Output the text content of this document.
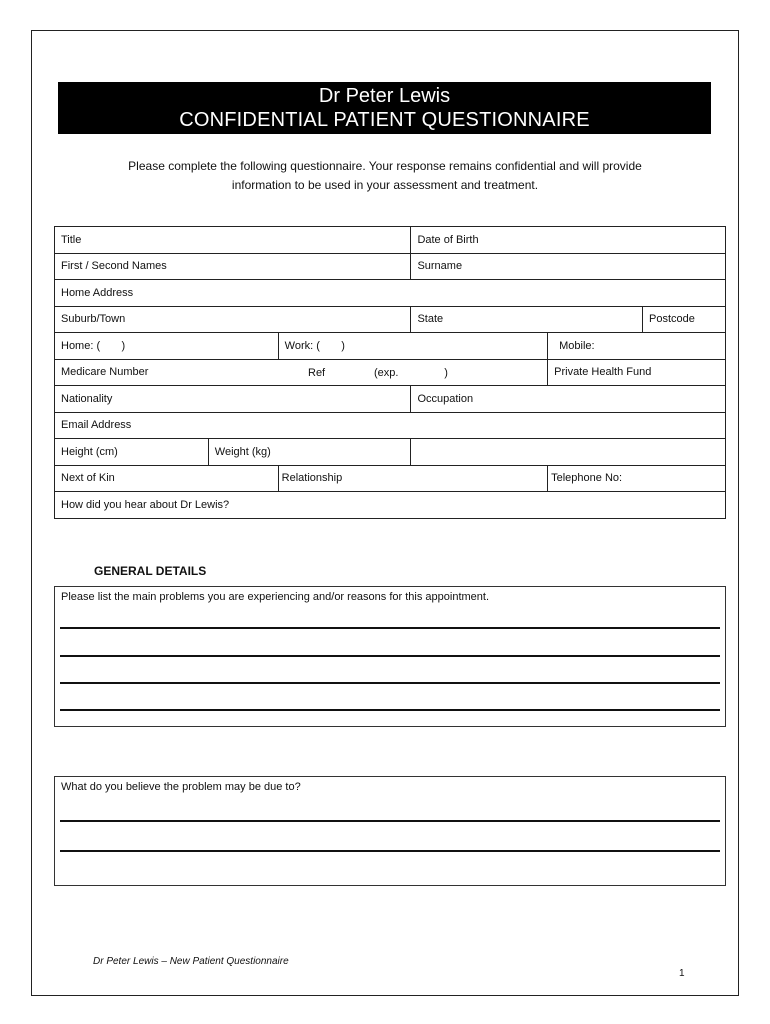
Dr Peter Lewis
CONFIDENTIAL PATIENT QUESTIONNAIRE
Please complete the following questionnaire. Your response remains confidential and will provide
information to be used in your assessment and treatment.
Title			Date of Birth		
First / Second Names			Surname		
Home Address					
Suburb/Town			State		Postcode
Home: (       )		Work: (       )		Mobile:	
Medicare Number Ref (exp.               )				Private Health Fund	
Nationality			Occupation		
Email Address					
Height (cm)	Weight (kg)				
Next of Kin		Relationship		Telephone No:	
How did you hear about Dr Lewis?					
GENERAL DETAILS
Please list the main problems you are experiencing and/or reasons for this appointment.
What do you believe the problem may be due to?
Dr Peter Lewis – New Patient Questionnaire
1
